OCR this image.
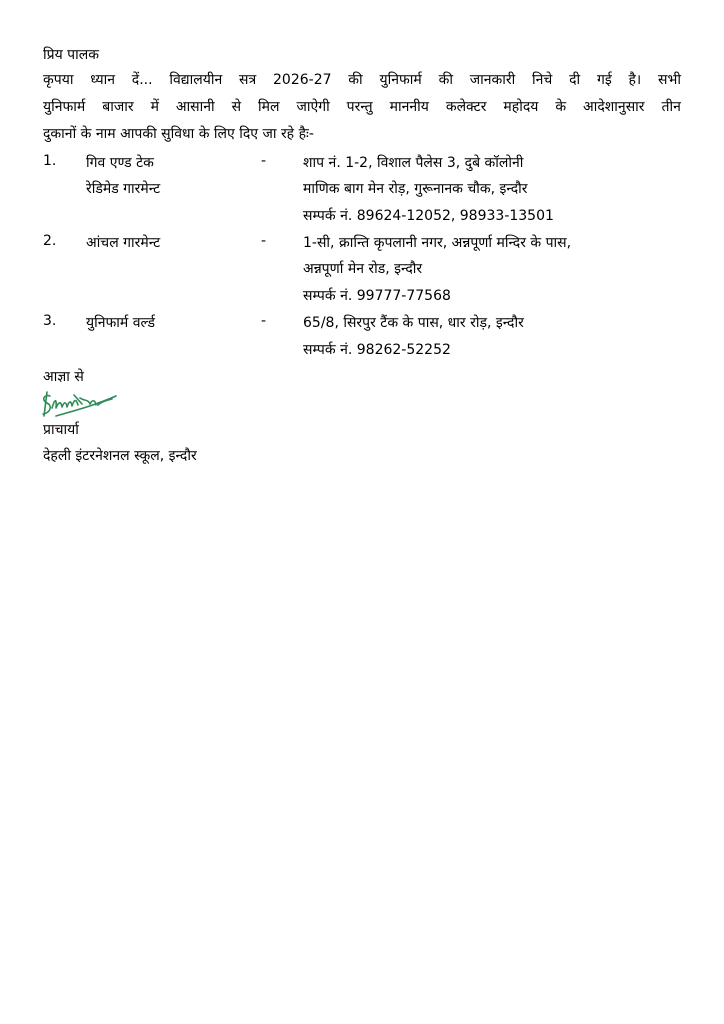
प्रिय पालक
कृपया ध्यान दें... विद्यालयीन सत्र 2026-27 की युनिफार्म की जानकारी निचे दी गई है। सभी
युनिफार्म बाजार में आसानी से मिल जाऐगी परन्तु माननीय कलेक्टर महोदय के आदेशानुसार तीन
दुकानों के नाम आपकी सुविधा के लिए दिए जा रहे हैः-
1. गिव एण्ड टेक
रेडिमेड गारमेन्ट
-	शाप नं. 1-2, विशाल पैलेस 3, दुबे कॉलोनी
माणिक बाग मेन रोड़, गुरूनानक चौक, इन्दौर
सम्पर्क नं. 89624-12052, 98933-13501
2. आंचल गारमेन्ट	-	1-सी, क्रान्ति कृपलानी नगर, अन्नपूर्णा मन्दिर के पास,
अन्नपूर्णा मेन रोड, इन्दौर
सम्पर्क नं. 99777-77568
3. युनिफार्म वर्ल्ड	-	65/8, सिरपुर टैंक के पास, धार रोड़, इन्दौर
सम्पर्क नं. 98262-52252
आज्ञा से
प्राचार्या
देहली इंटरनेशनल स्कूल, इन्दौर
